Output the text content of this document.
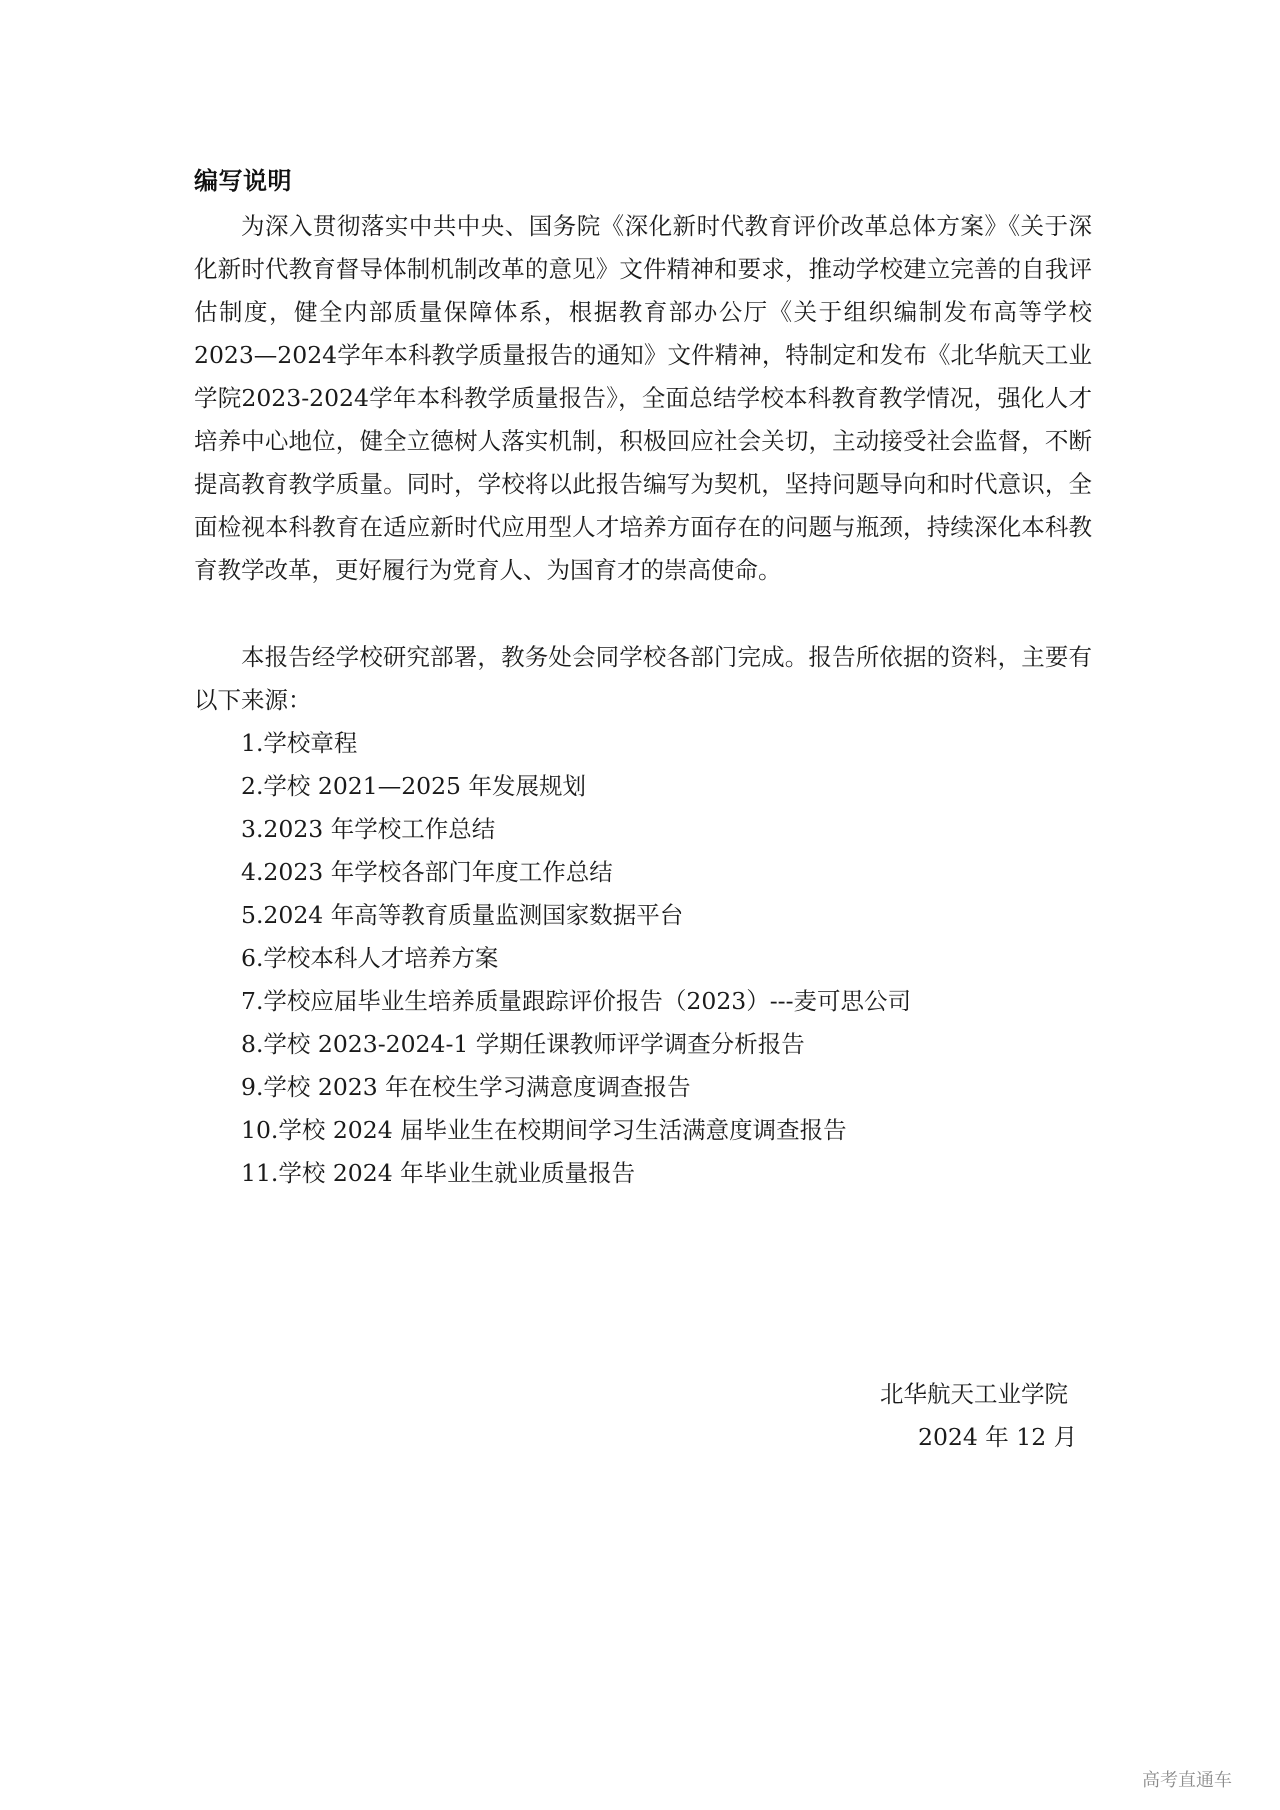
编写说明

为深入贯彻落实中共中央、国务院《深化新时代教育评价改革总体方案》《关于深化新时代教育督导体制机制改革的意见》文件精神和要求，推动学校建立完善的自我评估制度，健全内部质量保障体系，根据教育部办公厅《关于组织编制发布高等学校2023—2024学年本科教学质量报告的通知》文件精神，特制定和发布《北华航天工业学院2023-2024学年本科教学质量报告》，全面总结学校本科教育教学情况，强化人才培养中心地位，健全立德树人落实机制，积极回应社会关切，主动接受社会监督，不断提高教育教学质量。同时，学校将以此报告编写为契机，坚持问题导向和时代意识，全面检视本科教育在适应新时代应用型人才培养方面存在的问题与瓶颈，持续深化本科教育教学改革，更好履行为党育人、为国育才的崇高使命。

本报告经学校研究部署，教务处会同学校各部门完成。报告所依据的资料，主要有以下来源：

1.学校章程
2.学校 2021—2025 年发展规划
3.2023 年学校工作总结
4.2023 年学校各部门年度工作总结
5.2024 年高等教育质量监测国家数据平台
6.学校本科人才培养方案
7.学校应届毕业生培养质量跟踪评价报告（2023）---麦可思公司
8.学校 2023-2024-1 学期任课教师评学调查分析报告
9.学校 2023 年在校生学习满意度调查报告
10.学校 2024 届毕业生在校期间学习生活满意度调查报告
11.学校 2024 年毕业生就业质量报告
北华航天工业学院
2024 年 12 月
高考直通车
